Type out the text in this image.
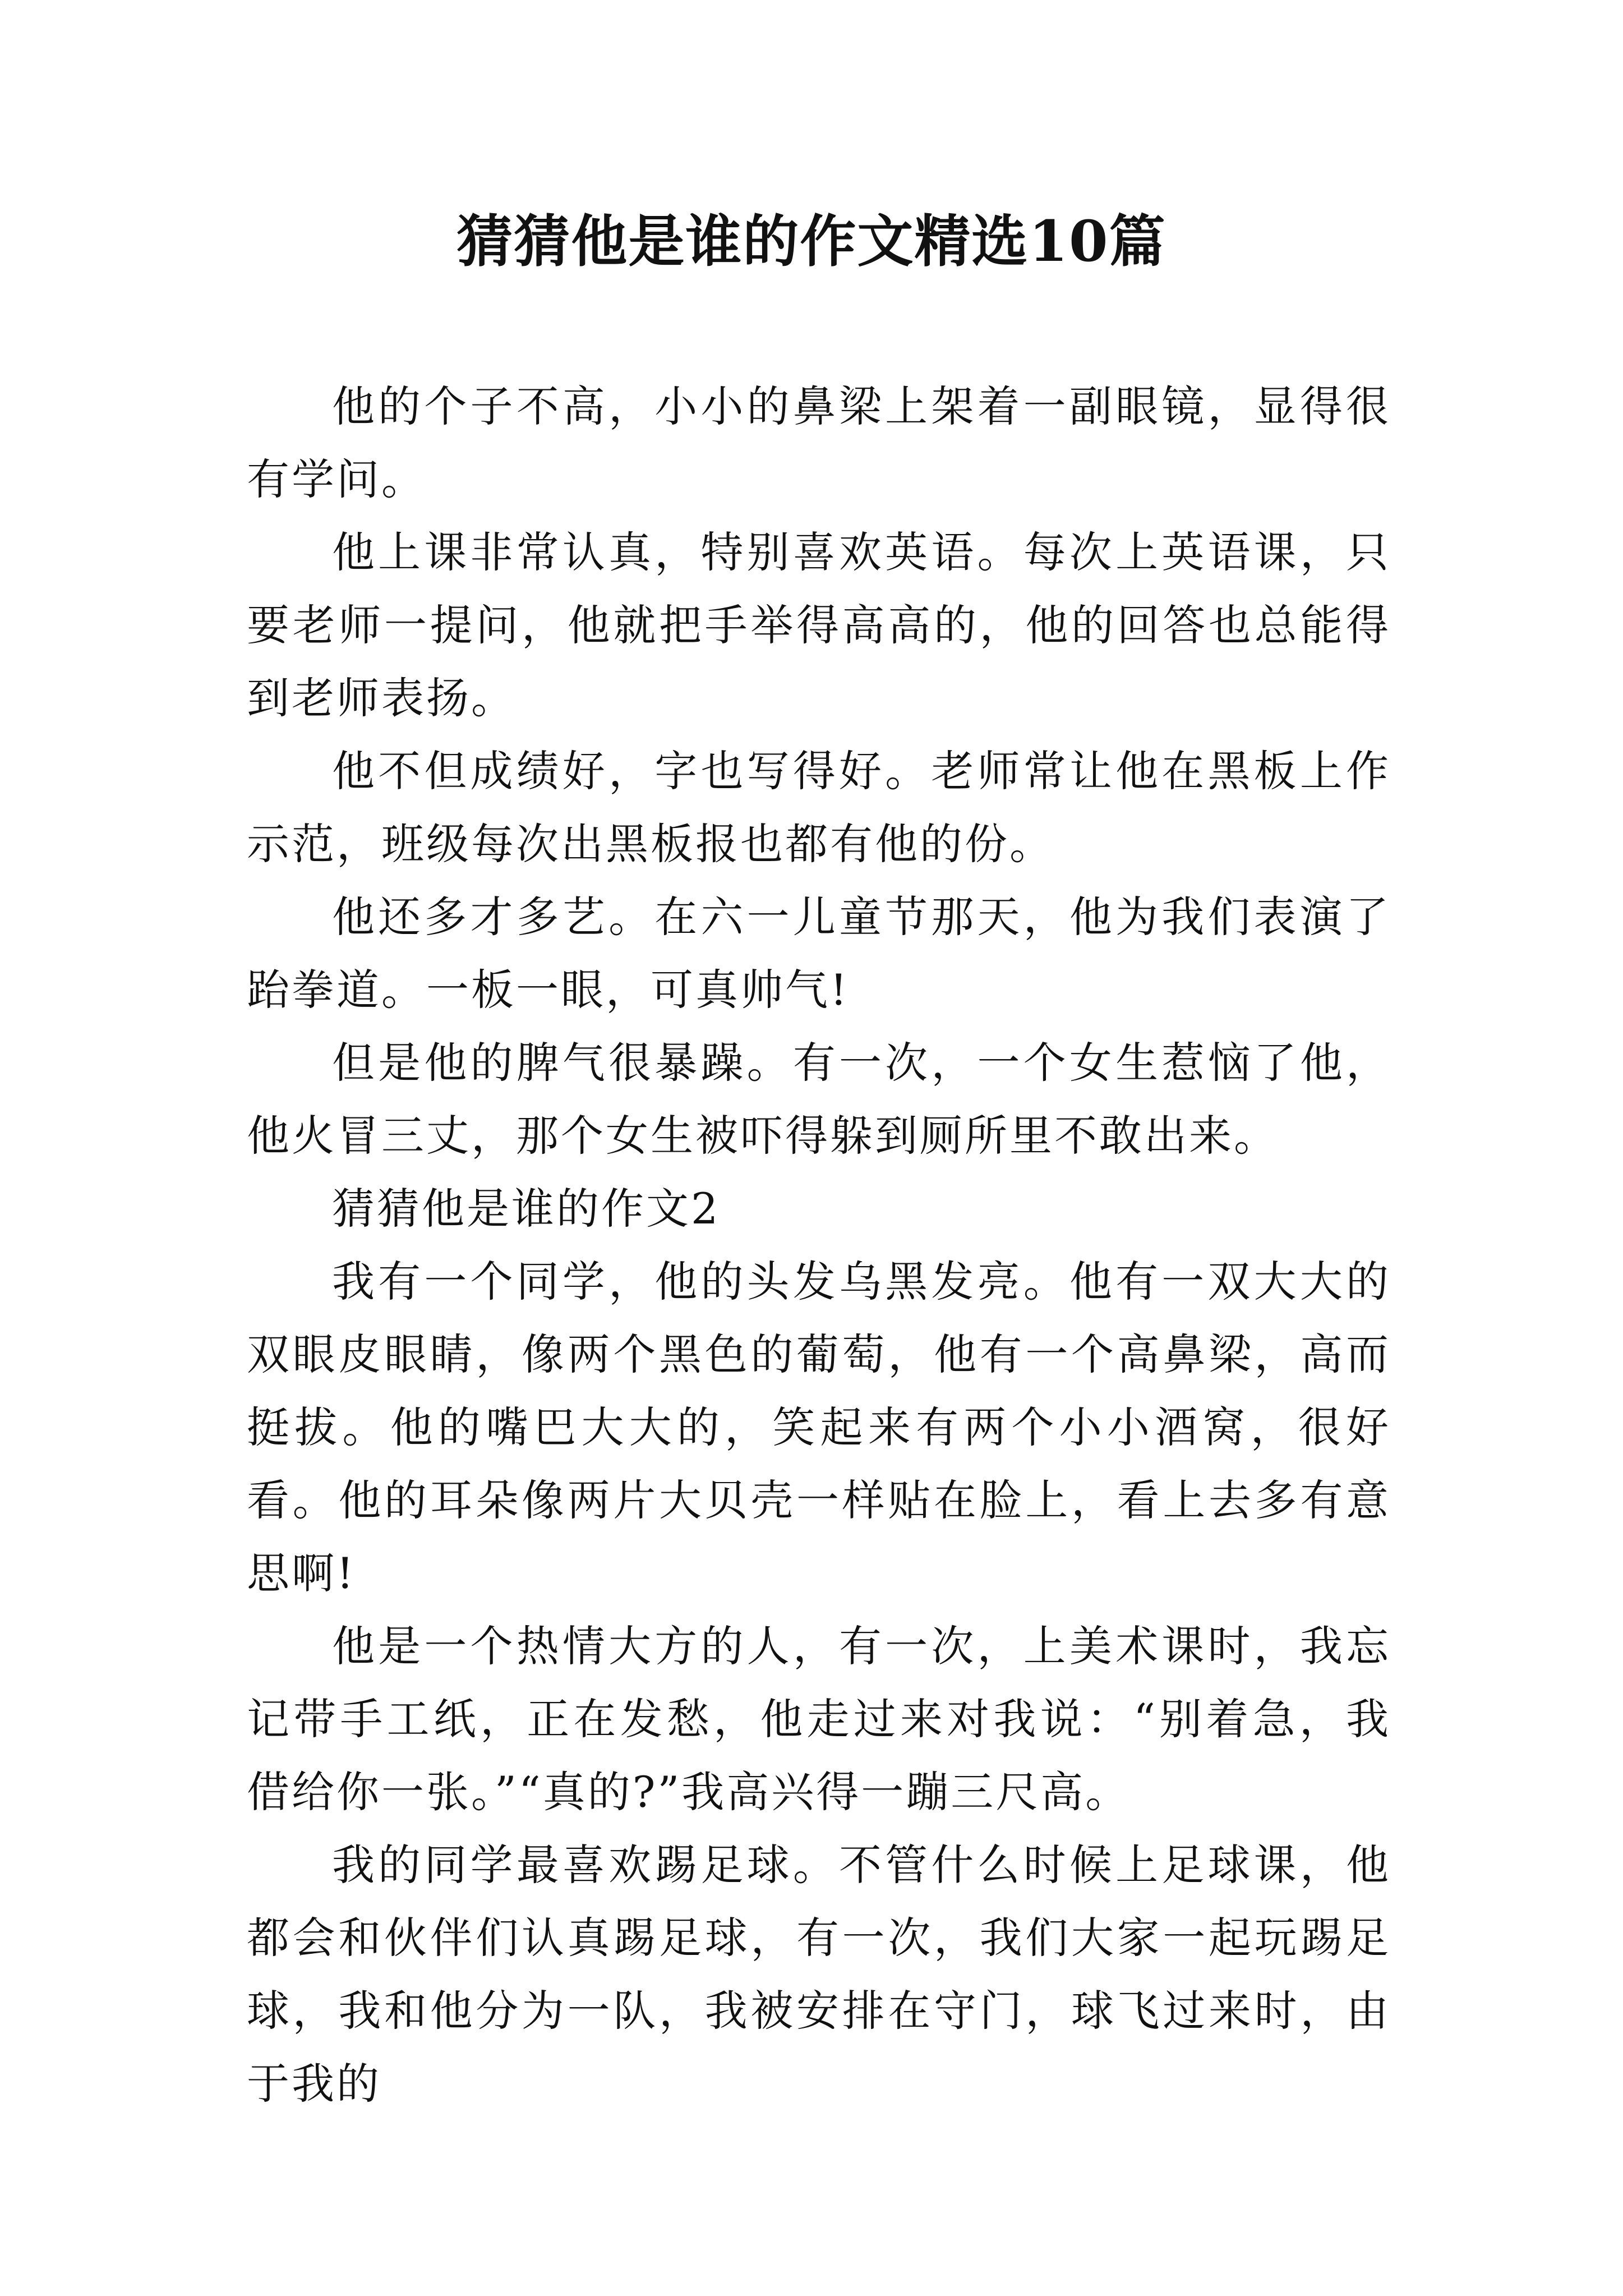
猜猜他是谁的作文精选10篇

他的个子不高，小小的鼻梁上架着一副眼镜，显得很有学问。

他上课非常认真，特别喜欢英语。每次上英语课，只要老师一提问，他就把手举得高高的，他的回答也总能得到老师表扬。

他不但成绩好，字也写得好。老师常让他在黑板上作示范，班级每次出黑板报也都有他的份。

他还多才多艺。在六一儿童节那天，他为我们表演了跆拳道。一板一眼，可真帅气!

但是他的脾气很暴躁。有一次，一个女生惹恼了他，他火冒三丈，那个女生被吓得躲到厕所里不敢出来。

猜猜他是谁的作文2

我有一个同学，他的头发乌黑发亮。他有一双大大的双眼皮眼睛，像两个黑色的葡萄，他有一个高鼻梁，高而挺拔。他的嘴巴大大的，笑起来有两个小小酒窝，很好看。他的耳朵像两片大贝壳一样贴在脸上，看上去多有意思啊!

他是一个热情大方的人，有一次，上美术课时，我忘记带手工纸，正在发愁，他走过来对我说：“别着急，我借给你一张。”“真的?”我高兴得一蹦三尺高。

我的同学最喜欢踢足球。不管什么时候上足球课，他都会和伙伴们认真踢足球，有一次，我们大家一起玩踢足球，我和他分为一队，我被安排在守门，球飞过来时，由于我的
